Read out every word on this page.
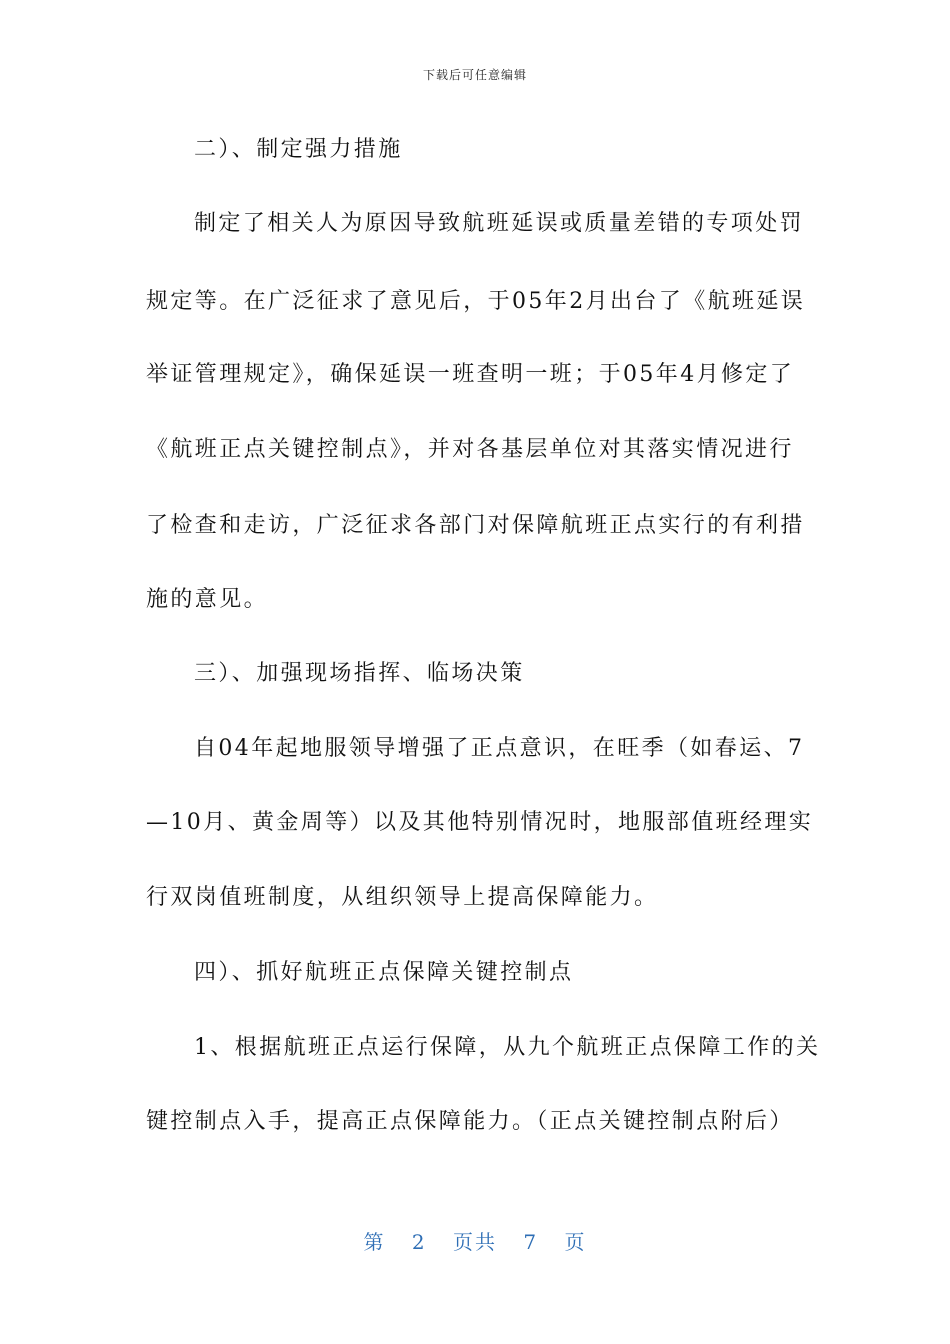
下载后可任意编辑
二）、制定强力措施
制定了相关人为原因导致航班延误或质量差错的专项处罚
规定等。在广泛征求了意见后，于05年2月出台了《航班延误
举证管理规定》，确保延误一班查明一班；于05年4月修定了
《航班正点关键控制点》，并对各基层单位对其落实情况进行
了检查和走访，广泛征求各部门对保障航班正点实行的有利措
施的意见。
三）、加强现场指挥、临场决策
自04年起地服领导增强了正点意识，在旺季（如春运、7
—10月、黄金周等）以及其他特别情况时，地服部值班经理实
行双岗值班制度，从组织领导上提高保障能力。
四）、抓好航班正点保障关键控制点
1、根据航班正点运行保障，从九个航班正点保障工作的关
键控制点入手，提高正点保障能力。（正点关键控制点附后）
第 2 页共 7 页
